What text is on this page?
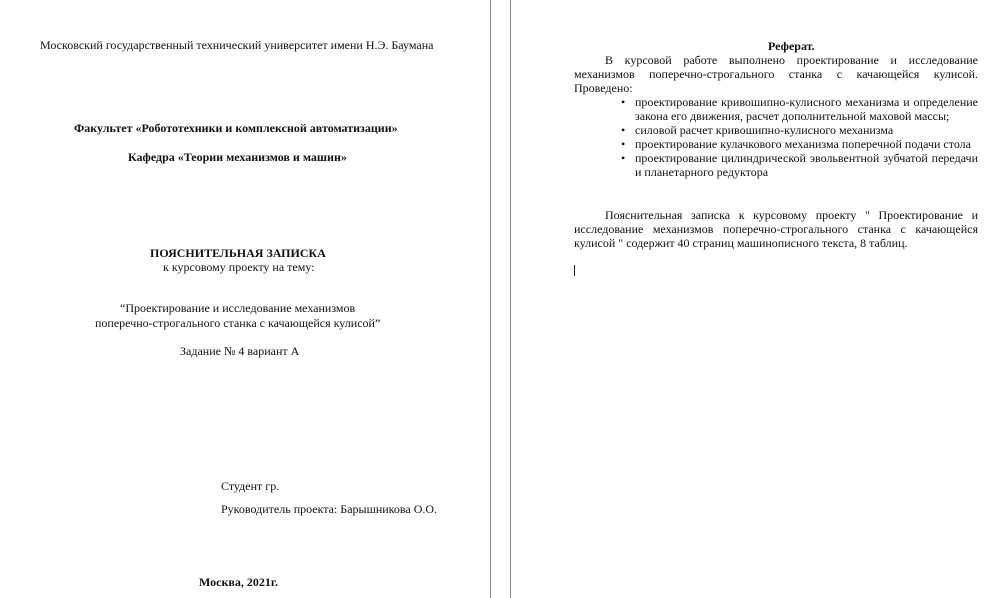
Московский государственный технический университет имени Н.Э. Баумана
Факультет «Робототехники и комплексной автоматизации»
Кафедра «Теории механизмов и машин»
ПОЯСНИТЕЛЬНАЯ ЗАПИСКА
к курсовому проекту на тему:
“Проектирование и исследование механизмов
поперечно-строгального станка с качающейся кулисой”
Задание № 4 вариант А
Студент гр.
Руководитель проекта: Барышникова О.О.
Москва, 2021г.
Реферат.

В курсовой работе выполнено проектирование и исследование механизмов поперечно-строгального станка с качающейся кулисой. Проведено:

• проектирование кривошипно-кулисного механизма и определение закона его движения, расчет дополнительной маховой массы;
• силовой расчет кривошипно-кулисного механизма
• проектирование кулачкового механизма поперечной подачи стола
• проектирование цилиндрической эвольвентной зубчатой передачи и планетарного редуктора

Пояснительная записка к курсовому проекту " Проектирование и исследование механизмов поперечно-строгального станка с качающейся кулисой " содержит 40 страниц машинописного текста, 8 таблиц.
